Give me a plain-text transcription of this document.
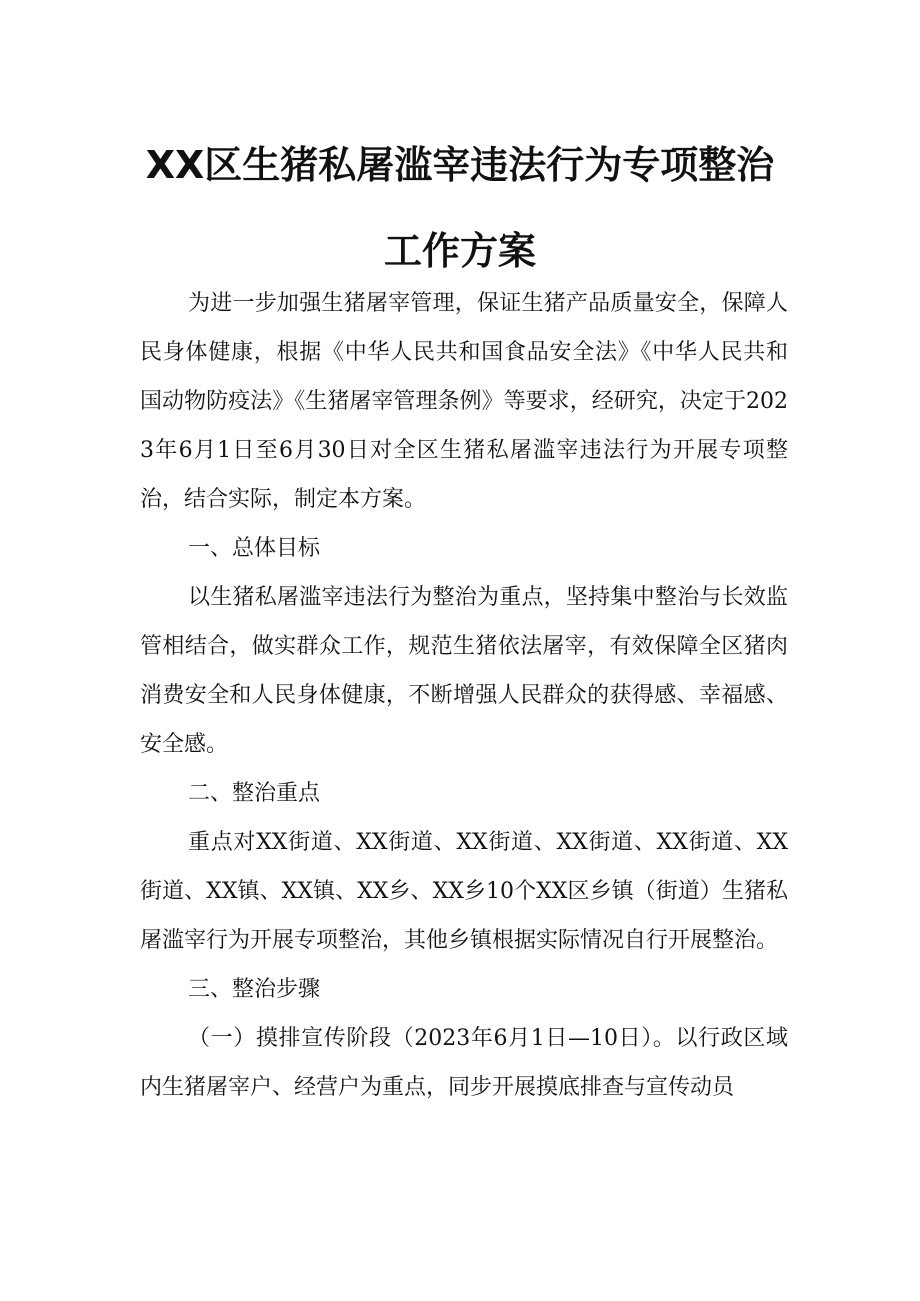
XX区生猪私屠滥宰违法行为专项整治
工作方案

为进一步加强生猪屠宰管理，保证生猪产品质量安全，保障人民身体健康，根据《中华人民共和国食品安全法》《中华人民共和国动物防疫法》《生猪屠宰管理条例》等要求，经研究，决定于2023年6月1日至6月30日对全区生猪私屠滥宰违法行为开展专项整治，结合实际，制定本方案。

一、总体目标

以生猪私屠滥宰违法行为整治为重点，坚持集中整治与长效监管相结合，做实群众工作，规范生猪依法屠宰，有效保障全区猪肉消费安全和人民身体健康，不断增强人民群众的获得感、幸福感、安全感。

二、整治重点

重点对XX街道、XX街道、XX街道、XX街道、XX街道、XX街道、XX镇、XX镇、XX乡、XX乡10个XX区乡镇（街道）生猪私屠滥宰行为开展专项整治，其他乡镇根据实际情况自行开展整治。

三、整治步骤

（一）摸排宣传阶段（2023年6月1日—10日）。以行政区域内生猪屠宰户、经营户为重点，同步开展摸底排查与宣传动员
